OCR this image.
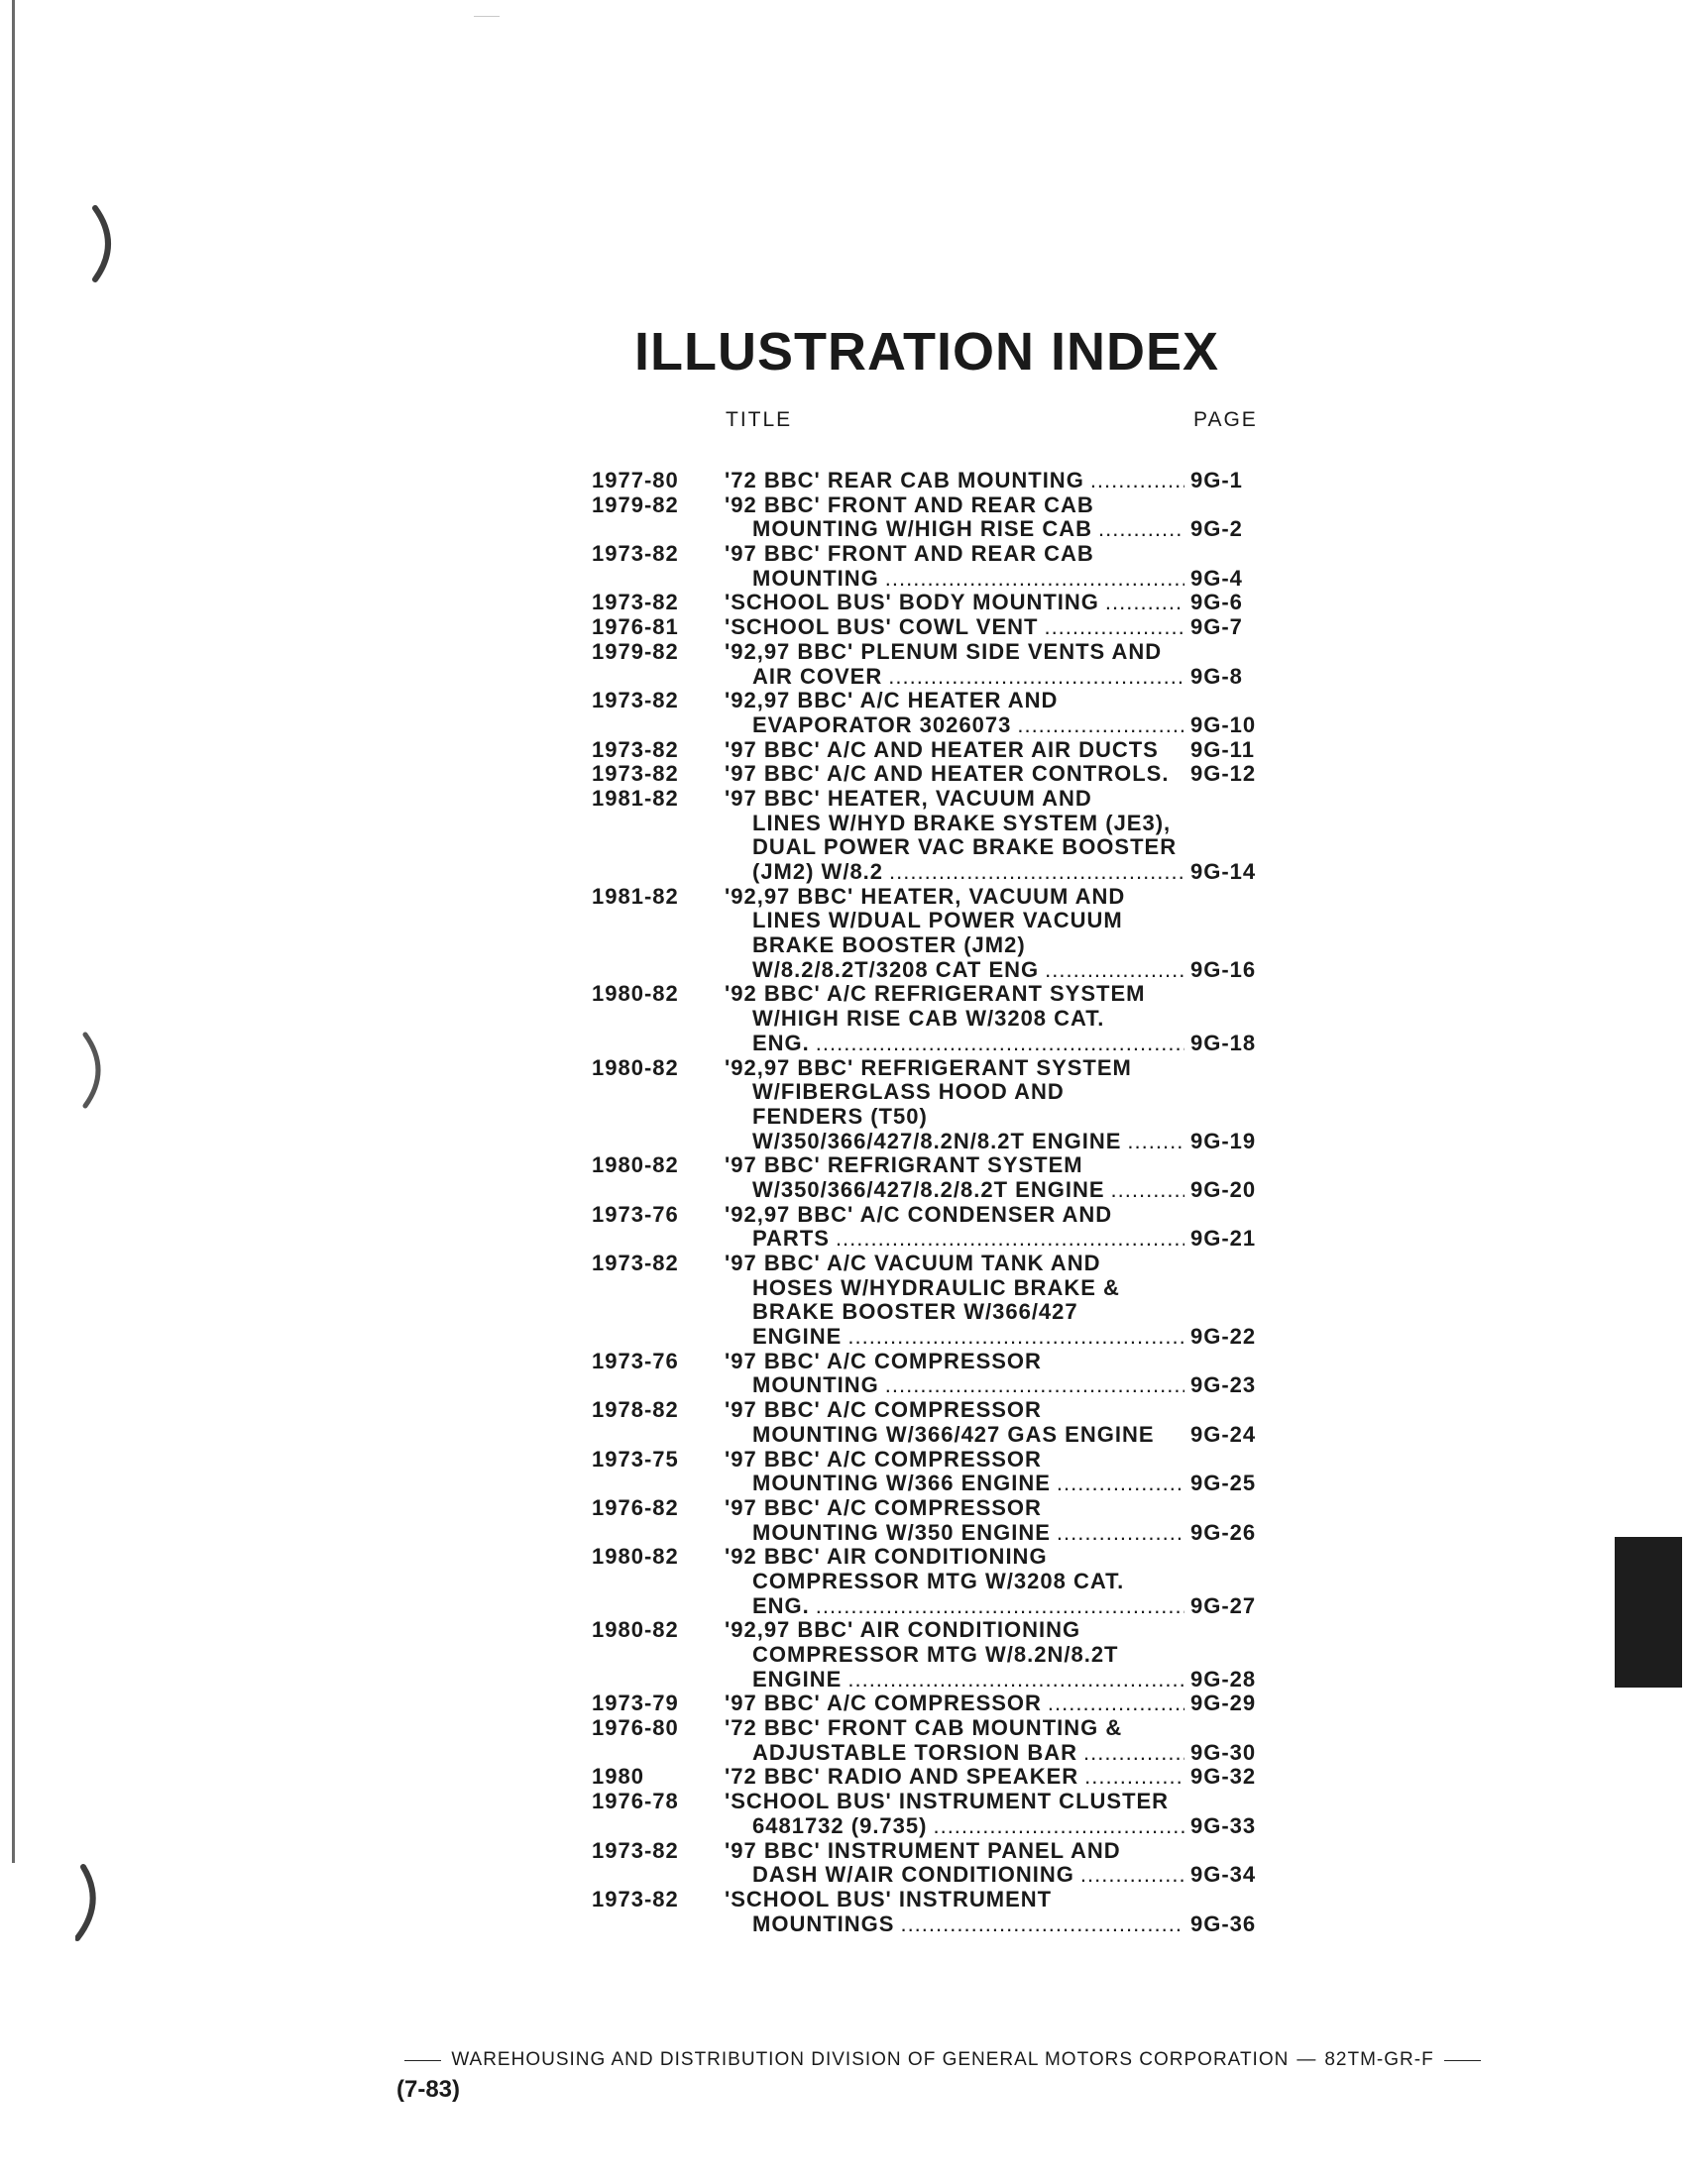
ILLUSTRATION INDEX
TITLE	PAGE
1977-80	'72 BBC' REAR CAB MOUNTING .....	9G-1
1979-82	'92 BBC' FRONT AND REAR CAB
MOUNTING W/HIGH RISE CAB .....	9G-2
1973-82	'97 BBC' FRONT AND REAR CAB
MOUNTING .....	9G-4
1973-82	'SCHOOL BUS' BODY MOUNTING .....	9G-6
1976-81	'SCHOOL BUS' COWL VENT .....	9G-7
1979-82	'92,97 BBC' PLENUM SIDE VENTS AND
AIR COVER .....	9G-8
1973-82	'92,97 BBC' A/C HEATER AND
EVAPORATOR 3026073 .....	9G-10
1973-82	'97 BBC' A/C AND HEATER AIR DUCTS 9G-11
1973-82	'97 BBC' A/C AND HEATER CONTROLS. 9G-12
1981-82	'97 BBC' HEATER, VACUUM AND
LINES W/HYD BRAKE SYSTEM (JE3),
DUAL POWER VAC BRAKE BOOSTER
(JM2) W/8.2 .....	9G-14
1981-82	'92,97 BBC' HEATER, VACUUM AND
LINES W/DUAL POWER VACUUM
BRAKE BOOSTER (JM2)
W/8.2/8.2T/3208 CAT ENG .....	9G-16
1980-82	'92 BBC' A/C REFRIGERANT SYSTEM
W/HIGH RISE CAB W/3208 CAT.
ENG. .....	9G-18
1980-82	'92,97 BBC' REFRIGERANT SYSTEM
W/FIBERGLASS HOOD AND
FENDERS (T50)
W/350/366/427/8.2N/8.2T ENGINE .....	9G-19
1980-82	'97 BBC' REFRIGRANT SYSTEM
W/350/366/427/8.2/8.2T ENGINE .....	9G-20
1973-76	'92,97 BBC' A/C CONDENSER AND
PARTS .....	9G-21
1973-82	'97 BBC' A/C VACUUM TANK AND
HOSES W/HYDRAULIC BRAKE &
BRAKE BOOSTER W/366/427
ENGINE .....	9G-22
1973-76	'97 BBC' A/C COMPRESSOR
MOUNTING .....	9G-23
1978-82	'97 BBC' A/C COMPRESSOR
MOUNTING W/366/427 GAS ENGINE 9G-24
1973-75	'97 BBC' A/C COMPRESSOR
MOUNTING W/366 ENGINE .....	9G-25
1976-82	'97 BBC' A/C COMPRESSOR
MOUNTING W/350 ENGINE .....	9G-26
1980-82	'92 BBC' AIR CONDITIONING
COMPRESSOR MTG W/3208 CAT.
ENG. .....	9G-27
1980-82	'92,97 BBC' AIR CONDITIONING
COMPRESSOR MTG W/8.2N/8.2T
ENGINE .....	9G-28
1973-79	'97 BBC' A/C COMPRESSOR .....	9G-29
1976-80	'72 BBC' FRONT CAB MOUNTING &
ADJUSTABLE TORSION BAR .....	9G-30
1980	'72 BBC' RADIO AND SPEAKER .....	9G-32
1976-78	'SCHOOL BUS' INSTRUMENT CLUSTER
6481732 (9.735) .....	9G-33
1973-82	'97 BBC' INSTRUMENT PANEL AND
DASH W/AIR CONDITIONING .....	9G-34
1973-82	'SCHOOL BUS' INSTRUMENT
MOUNTINGS .....	9G-36
WAREHOUSING AND DISTRIBUTION DIVISION OF GENERAL MOTORS CORPORATION — 82TM-GR-F
(7-83)
